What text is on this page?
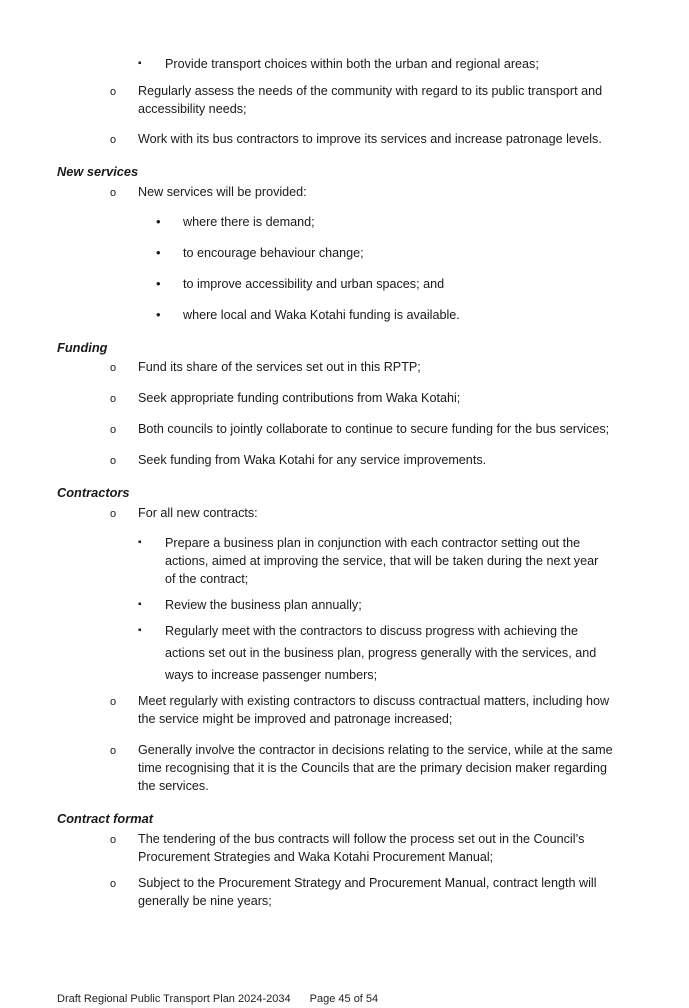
▪ Provide transport choices within both the urban and regional areas;
o Regularly assess the needs of the community with regard to its public transport and
accessibility needs;
o Work with its bus contractors to improve its services and increase patronage levels.
New services
o New services will be provided:
• where there is demand;
• to encourage behaviour change;
• to improve accessibility and urban spaces; and
• where local and Waka Kotahi funding is available.
Funding
o Fund its share of the services set out in this RPTP;
o Seek appropriate funding contributions from Waka Kotahi;
o Both councils to jointly collaborate to continue to secure funding for the bus services;
o Seek funding from Waka Kotahi for any service improvements.
Contractors
o For all new contracts:
▪ Prepare a business plan in conjunction with each contractor setting out the
actions, aimed at improving the service, that will be taken during the next year
of the contract;
▪ Review the business plan annually;
▪ Regularly meet with the contractors to discuss progress with achieving the
actions set out in the business plan, progress generally with the services, and
ways to increase passenger numbers;
o Meet regularly with existing contractors to discuss contractual matters, including how
the service might be improved and patronage increased;
o Generally involve the contractor in decisions relating to the service, while at the same
time recognising that it is the Councils that are the primary decision maker regarding
the services.
Contract format
o The tendering of the bus contracts will follow the process set out in the Council’s
Procurement Strategies and Waka Kotahi Procurement Manual;
o Subject to the Procurement Strategy and Procurement Manual, contract length will
generally be nine years;
Draft Regional Public Transport Plan 2024-2034 Page 45 of 54
